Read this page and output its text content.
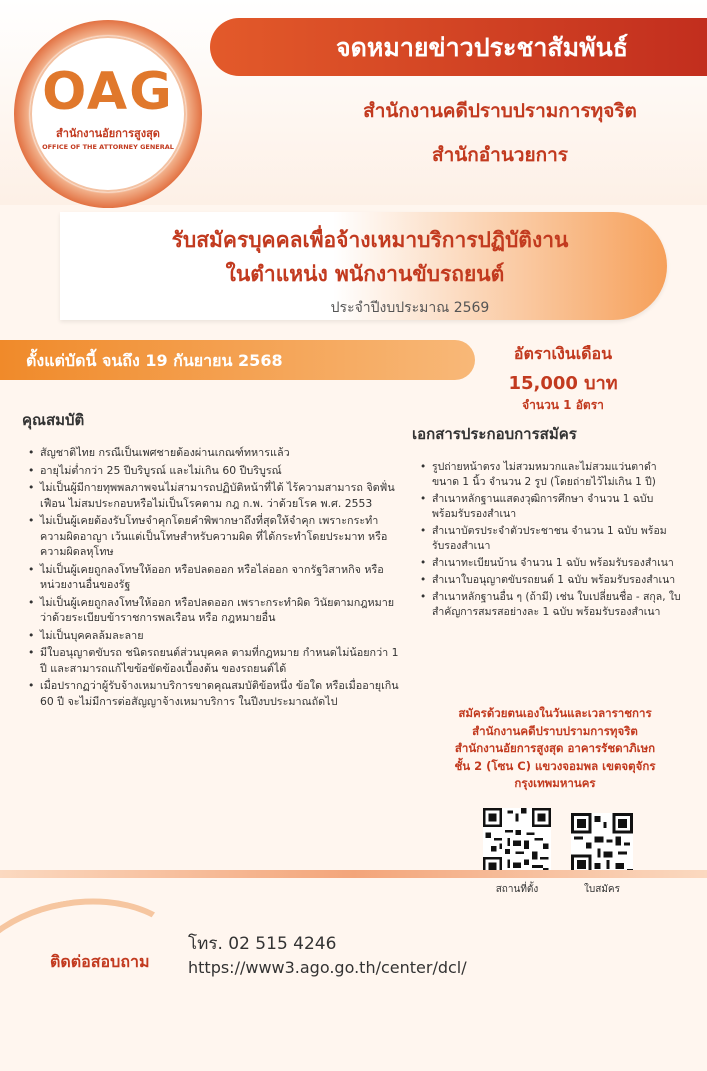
OAG
สำนักงานอัยการสูงสุด
OFFICE OF THE ATTORNEY GENERAL
จดหมายข่าวประชาสัมพันธ์
สำนักงานคดีปราบปรามการทุจริต
สำนักอำนวยการ
รับสมัครบุคคลเพื่อจ้างเหมาบริการปฏิบัติงาน
ในตำแหน่ง พนักงานขับรถยนต์
ประจำปีงบประมาณ 2569
ตั้งแต่บัดนี้ จนถึง 19 กันยายน 2568	อัตราเงินเดือน
15,000 บาท
จำนวน 1 อัตรา
คุณสมบัติ
• สัญชาติไทย กรณีเป็นเพศชายต้องผ่านเกณฑ์ทหารแล้ว
• อายุไม่ต่ำกว่า 25 ปีบริบูรณ์ และไม่เกิน 60 ปีบริบูรณ์
• ไม่เป็นผู้มีกายทุพพลภาพจนไม่สามารถปฏิบัติหน้าที่ได้ ไร้ความสามารถ จิตฟั่นเฟือน ไม่สมประกอบหรือไม่เป็นโรคตาม กฎ ก.พ. ว่าด้วยโรค พ.ศ. 2553
• ไม่เป็นผู้เคยต้องรับโทษจำคุกโดยคำพิพากษาถึงที่สุดให้จำคุก เพราะกระทำความผิดอาญา เว้นแต่เป็นโทษสำหรับความผิด ที่ได้กระทำโดยประมาท หรือความผิดลหุโทษ
• ไม่เป็นผู้เคยถูกลงโทษให้ออก หรือปลดออก หรือไล่ออก จากรัฐวิสาหกิจ หรือหน่วยงานอื่นของรัฐ
• ไม่เป็นผู้เคยถูกลงโทษให้ออก หรือปลดออก เพราะกระทำผิด วินัยตามกฎหมายว่าด้วยระเบียบข้าราชการพลเรือน หรือ กฎหมายอื่น
• ไม่เป็นบุคคลล้มละลาย
• มีใบอนุญาตขับรถ ชนิดรถยนต์ส่วนบุคคล ตามที่กฎหมาย กำหนดไม่น้อยกว่า 1 ปี และสามารถแก้ไขข้อขัดข้องเบื้องต้น ของรถยนต์ได้
• เมื่อปรากฏว่าผู้รับจ้างเหมาบริการขาดคุณสมบัติข้อหนึ่ง ข้อใด หรือเมื่ออายุเกิน 60 ปี จะไม่มีการต่อสัญญาจ้างเหมาบริการ ในปีงบประมาณถัดไป
เอกสารประกอบการสมัคร
• รูปถ่ายหน้าตรง ไม่สวมหมวกและไม่สวมแว่นตาดำ ขนาด 1 นิ้ว จำนวน 2 รูป (โดยถ่ายไว้ไม่เกิน 1 ปี)
• สำเนาหลักฐานแสดงวุฒิการศึกษา จำนวน 1 ฉบับ พร้อมรับรองสำเนา
• สำเนาบัตรประจำตัวประชาชน จำนวน 1 ฉบับ พร้อมรับรองสำเนา
• สำเนาทะเบียนบ้าน จำนวน 1 ฉบับ พร้อมรับรองสำเนา
• สำเนาใบอนุญาตขับรถยนต์ 1 ฉบับ พร้อมรับรองสำเนา
• สำเนาหลักฐานอื่น ๆ (ถ้ามี) เช่น ใบเปลี่ยนชื่อ - สกุล, ใบสำคัญการสมรสอย่างละ 1 ฉบับ พร้อมรับรองสำเนา
สมัครด้วยตนเองในวันและเวลาราชการ
สำนักงานคดีปราบปรามการทุจริต
สำนักงานอัยการสูงสุด อาคารรัชดาภิเษก
ชั้น 2 (โซน C) แขวงจอมพล เขตจตุจักร
กรุงเทพมหานคร
สถานที่ตั้ง	ใบสมัคร
ติดต่อสอบถาม
โทร. 02 515 4246
https://www3.ago.go.th/center/dcl/
